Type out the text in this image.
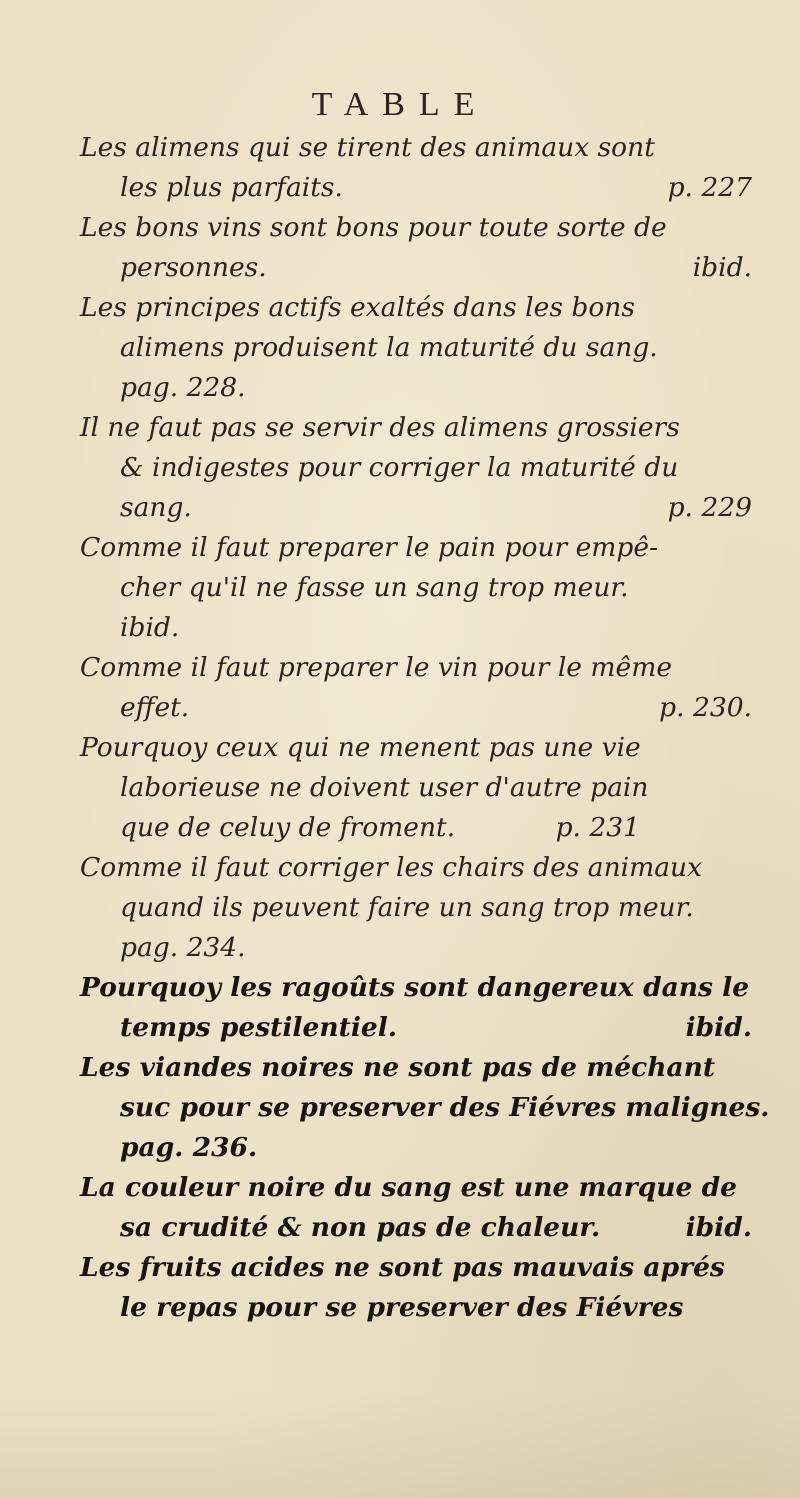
TABLE
Les alimens qui se tirent des animaux sont
les plus parfaits.	p. 227
Les bons vins sont bons pour toute sorte de
personnes.	ibid.
Les principes actifs exaltés dans les bons
alimens produisent la maturité du sang.
pag. 228.
Il ne faut pas se servir des alimens grossiers
& indigestes pour corriger la maturité du
sang.	p. 229
Comme il faut preparer le pain pour empê-
cher qu'il ne fasse un sang trop meur.
ibid.
Comme il faut preparer le vin pour le même
effet.	p. 230.
Pourquoy ceux qui ne menent pas une vie
laborieuse ne doivent user d'autre pain
que de celuy de froment.	p. 231
Comme il faut corriger les chairs des animaux
quand ils peuvent faire un sang trop meur.
pag. 234.
Pourquoy les ragoûts sont dangereux dans le
temps pestilentiel.	ibid.
Les viandes noires ne sont pas de méchant
suc pour se preserver des Fiévres malignes.
pag. 236.
La couleur noire du sang est une marque de
sa crudité & non pas de chaleur.	ibid.
Les fruits acides ne sont pas mauvais aprés
le repas pour se preserver des Fiévres
